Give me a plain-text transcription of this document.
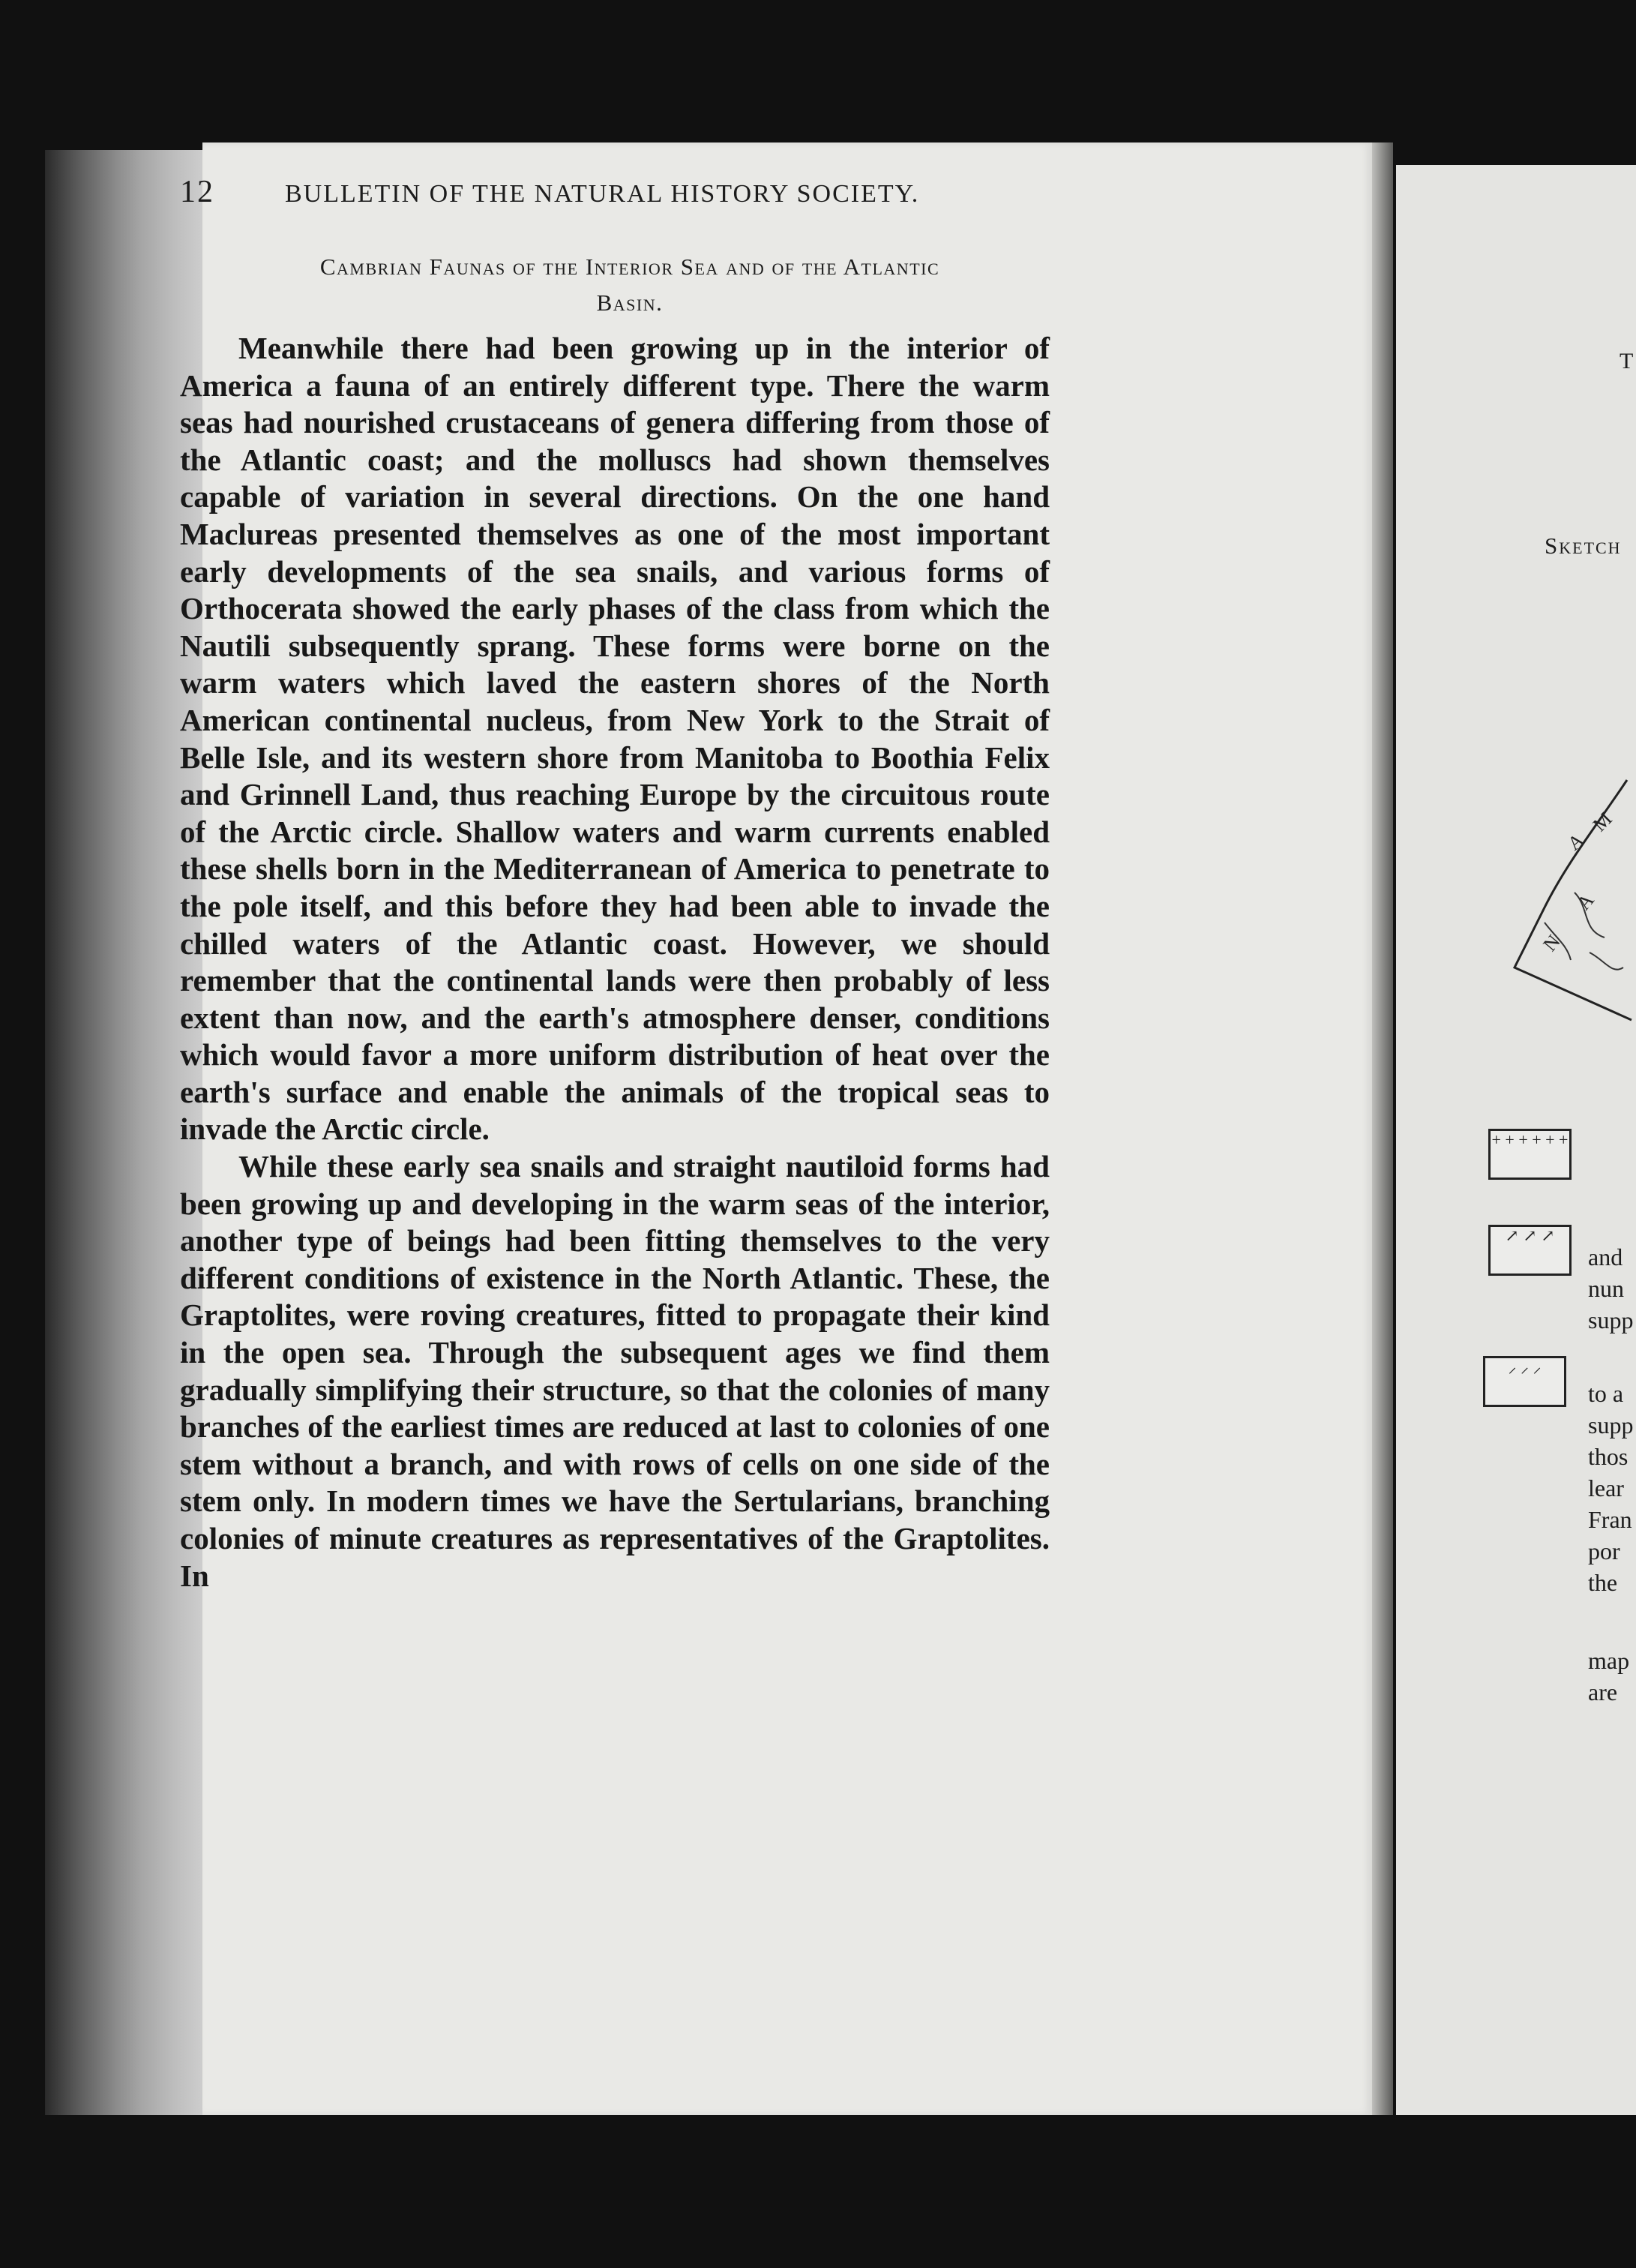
12	BULLETIN OF THE NATURAL HISTORY SOCIETY.
Cambrian Faunas of the Interior Sea and of the Atlantic
Basin.

Meanwhile there had been growing up in the interior of America a fauna of an entirely different type. There the warm seas had nourished crustaceans of genera differing from those of the Atlantic coast; and the molluscs had shown themselves capable of variation in several directions. On the one hand Maclureas presented themselves as one of the most important early developments of the sea snails, and various forms of Orthocerata showed the early phases of the class from which the Nautili subsequently sprang. These forms were borne on the warm waters which laved the eastern shores of the North American continental nucleus, from New York to the Strait of Belle Isle, and its western shore from Manitoba to Boothia Felix and Grinnell Land, thus reaching Europe by the circuitous route of the Arctic circle. Shallow waters and warm currents enabled these shells born in the Mediterranean of America to penetrate to the pole itself, and this before they had been able to invade the chilled waters of the Atlantic coast. However, we should remember that the continental lands were then probably of less extent than now, and the earth's atmosphere denser, conditions which would favor a more uniform distribution of heat over the earth's surface and enable the animals of the tropical seas to invade the Arctic circle.

While these early sea snails and straight nautiloid forms had been growing up and developing in the warm seas of the interior, another type of beings had been fitting themselves to the very different conditions of existence in the North Atlantic. These, the Graptolites, were roving creatures, fitted to propagate their kind in the open sea. Through the subsequent ages we find them gradually simplifying their structure, so that the colonies of many branches of the earliest times are reduced at last to colonies of one stem without a branch, and with rows of cells on one side of the stem only. In modern times we have the Sertularians, branching colonies of minute creatures as representatives of the Graptolites. In

T
Sketch
A
M
A
N
+ + + + + +
↗ ↗ ↗
⸝ ⸝ ⸝
and
nun
supp
to a
supp
thos
lear
Fran
por
the
map
are
